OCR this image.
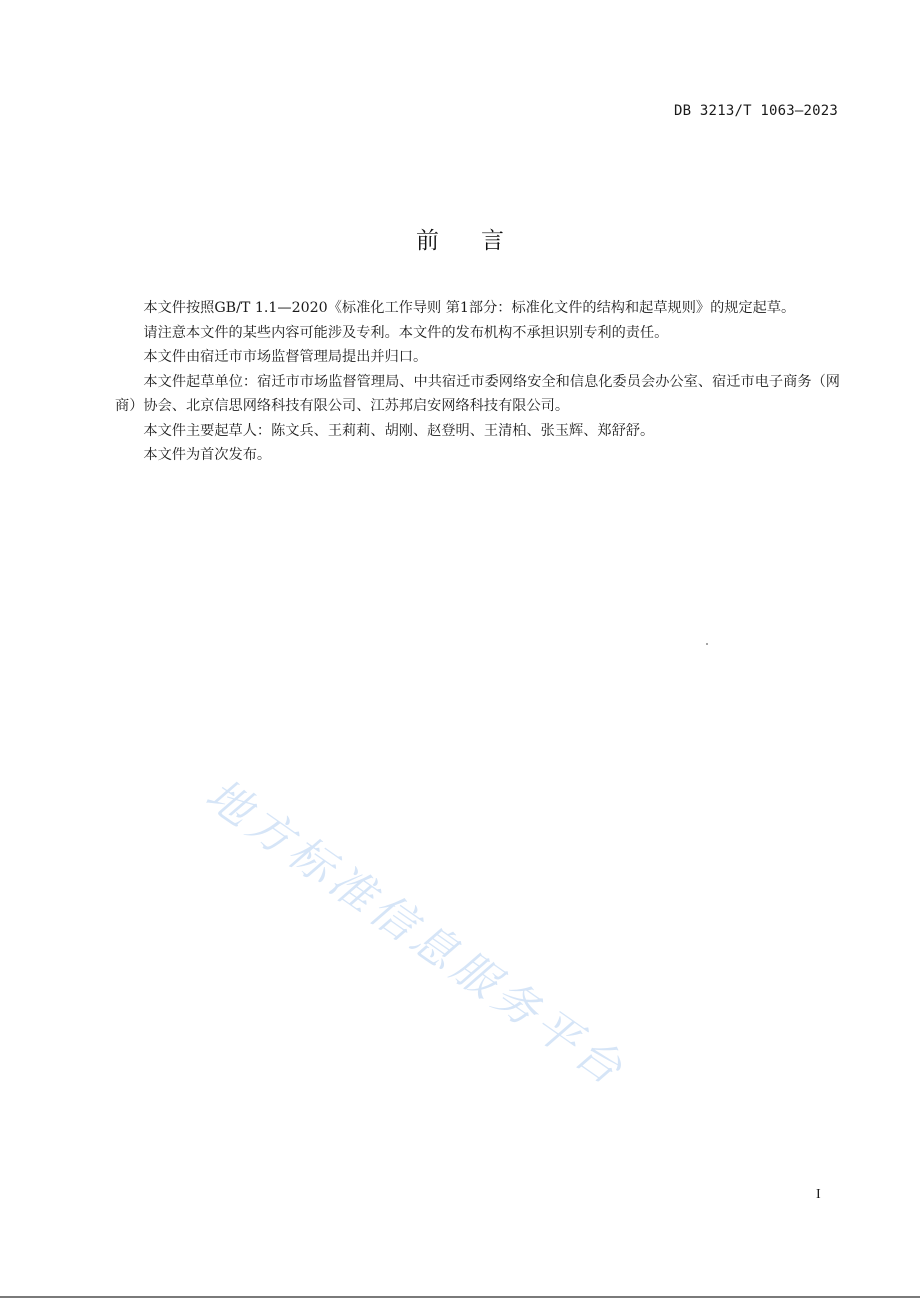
DB 3213/T 1063—2023
前言

本文件按照GB/T 1.1—2020《标准化工作导则 第1部分：标准化文件的结构和起草规则》的规定起草。

请注意本文件的某些内容可能涉及专利。本文件的发布机构不承担识别专利的责任。

本文件由宿迁市市场监督管理局提出并归口。

本文件起草单位：宿迁市市场监督管理局、中共宿迁市委网络安全和信息化委员会办公室、宿迁市电子商务（网商）协会、北京信思网络科技有限公司、江苏邦启安网络科技有限公司。

本文件主要起草人：陈文兵、王莉莉、胡刚、赵登明、王清柏、张玉辉、郑舒舒。

本文件为首次发布。

地方标准信息服务平台
I
